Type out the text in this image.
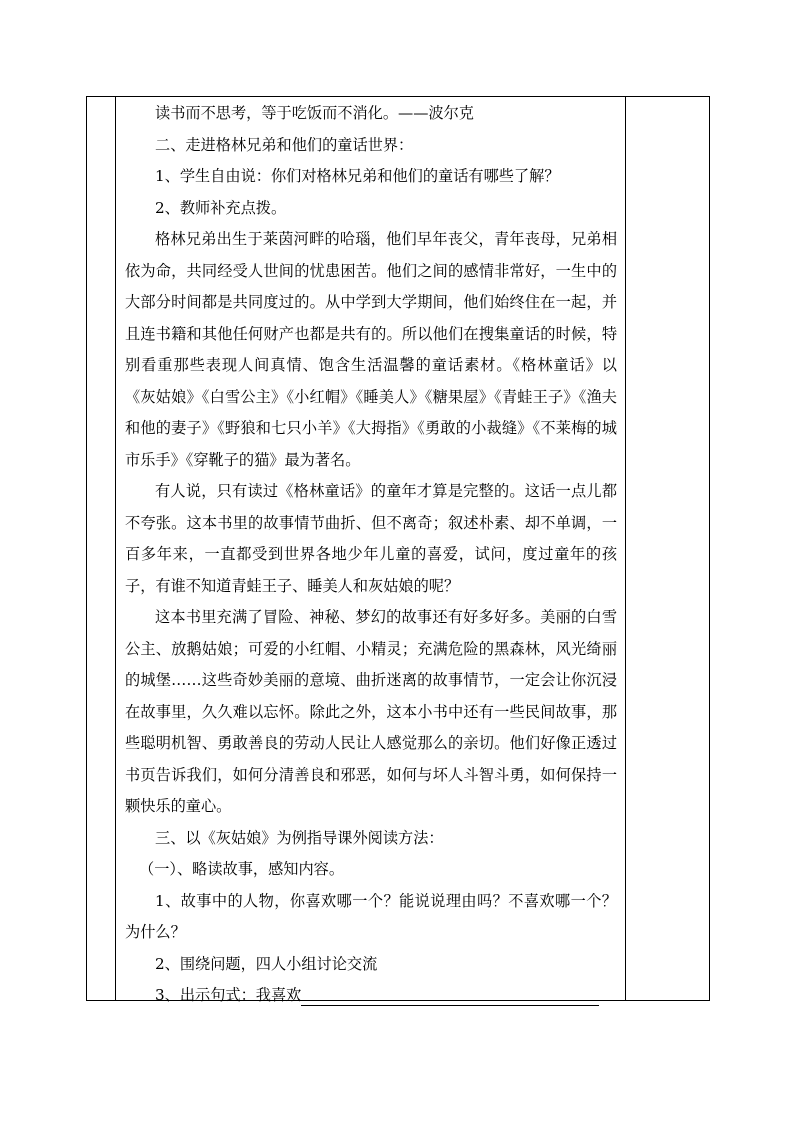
读书而不思考，等于吃饭而不消化。——波尔克

二、走进格林兄弟和他们的童话世界：

1、学生自由说：你们对格林兄弟和他们的童话有哪些了解？

2、教师补充点拨。

格林兄弟出生于莱茵河畔的哈瑙，他们早年丧父，青年丧母，兄弟相依为命，共同经受人世间的忧患困苦。他们之间的感情非常好，一生中的大部分时间都是共同度过的。从中学到大学期间，他们始终住在一起，并且连书籍和其他任何财产也都是共有的。所以他们在搜集童话的时候，特别看重那些表现人间真情、饱含生活温馨的童话素材。《格林童话》以《灰姑娘》《白雪公主》《小红帽》《睡美人》《糖果屋》《青蛙王子》《渔夫和他的妻子》《野狼和七只小羊》《大拇指》《勇敢的小裁缝》《不莱梅的城市乐手》《穿靴子的猫》最为著名。

有人说，只有读过《格林童话》的童年才算是完整的。这话一点儿都不夸张。这本书里的故事情节曲折、但不离奇；叙述朴素、却不单调，一百多年来，一直都受到世界各地少年儿童的喜爱，试问，度过童年的孩子，有谁不知道青蛙王子、睡美人和灰姑娘的呢？

这本书里充满了冒险、神秘、梦幻的故事还有好多好多。美丽的白雪公主、放鹅姑娘；可爱的小红帽、小精灵；充满危险的黑森林，风光绮丽的城堡……这些奇妙美丽的意境、曲折迷离的故事情节，一定会让你沉浸在故事里，久久难以忘怀。除此之外，这本小书中还有一些民间故事，那些聪明机智、勇敢善良的劳动人民让人感觉那么的亲切。他们好像正透过书页告诉我们，如何分清善良和邪恶，如何与坏人斗智斗勇，如何保持一颗快乐的童心。

三、以《灰姑娘》为例指导课外阅读方法：

（一）、略读故事，感知内容。

1、故事中的人物，你喜欢哪一个？能说说理由吗？不喜欢哪一个？为什么？

2、围绕问题，四人小组讨论交流

3、出示句式：我喜欢
